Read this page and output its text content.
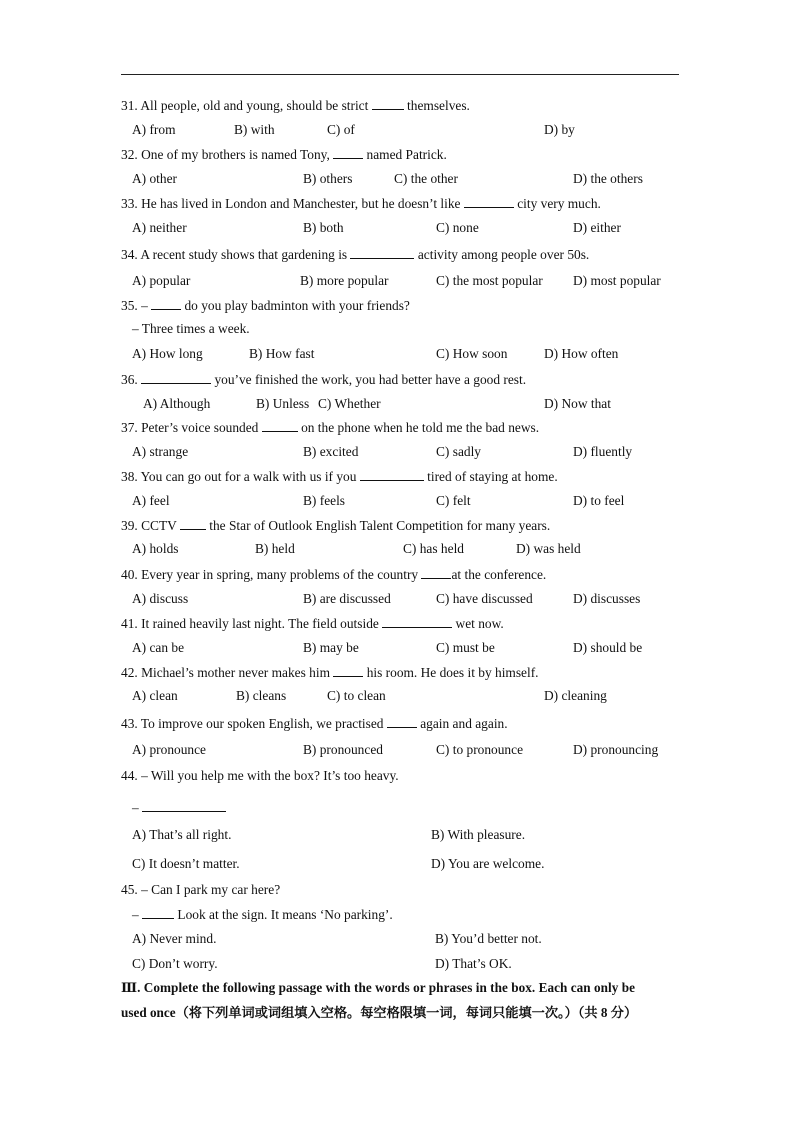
31. All people, old and young, should be strict  themselves.
A) from	B) with	C) of	D) by
32. One of my brothers is named Tony,  named Patrick.
A) other	B) others	C) the other	D) the others
33. He has lived in London and Manchester, but he doesn’t like	city very much.
A) neither	B) both	C) none	D) either
34. A recent study shows that gardening is	activity among people over 50s.
A) popular	B) more popular	C) the most popular D) most popular
35. –  do you play badminton with your friends?
– Three times a week.
A) How long	B) How fast	C) How soon	D) How often
36.	you’ve finished the work, you had better have a good rest.
A) Although	B) Unless C) Whether	D) Now that
37. Peter’s voice sounded	on the phone when he told me the bad news.
A) strange	B) excited	C) sadly	D) fluently
38. You can go out for a walk with us if you	tired of staying at home.
A) feel	B) feels	C) felt	D) to feel
39. CCTV  the Star of Outlook English Talent Competition for many years.
A) holds	B) held	C) has held	D) was held
40. Every year in spring, many problems of the country at the conference.
A) discuss	B) are discussed	C) have discussed	D) discusses
41. It rained heavily last night. The field outside	wet now.
A) can be	B) may be	C) must be	D) should be
42. Michael’s mother never makes him  his room. He does it by himself.
A) clean	B) cleans	C) to clean	D) cleaning
43. To improve our spoken English, we practised  again and again.
A) pronounce	B) pronounced	C) to pronounce	D) pronouncing
44. – Will you help me with the box? It’s too heavy.
–
A) That’s all right.	B) With pleasure.
C) It doesn’t matter.	D) You are welcome.
45. – Can I park my car here?
–  Look at the sign. It means ‘No parking’.
A) Never mind.	B) You’d better not.
C) Don’t worry.	D) That’s OK.
Ⅲ. Complete the following passage with the words or phrases in the box. Each can only be
used once（将下列单词或词组填入空格。每空格限填一词，每词只能填一次。）（共 8 分）
